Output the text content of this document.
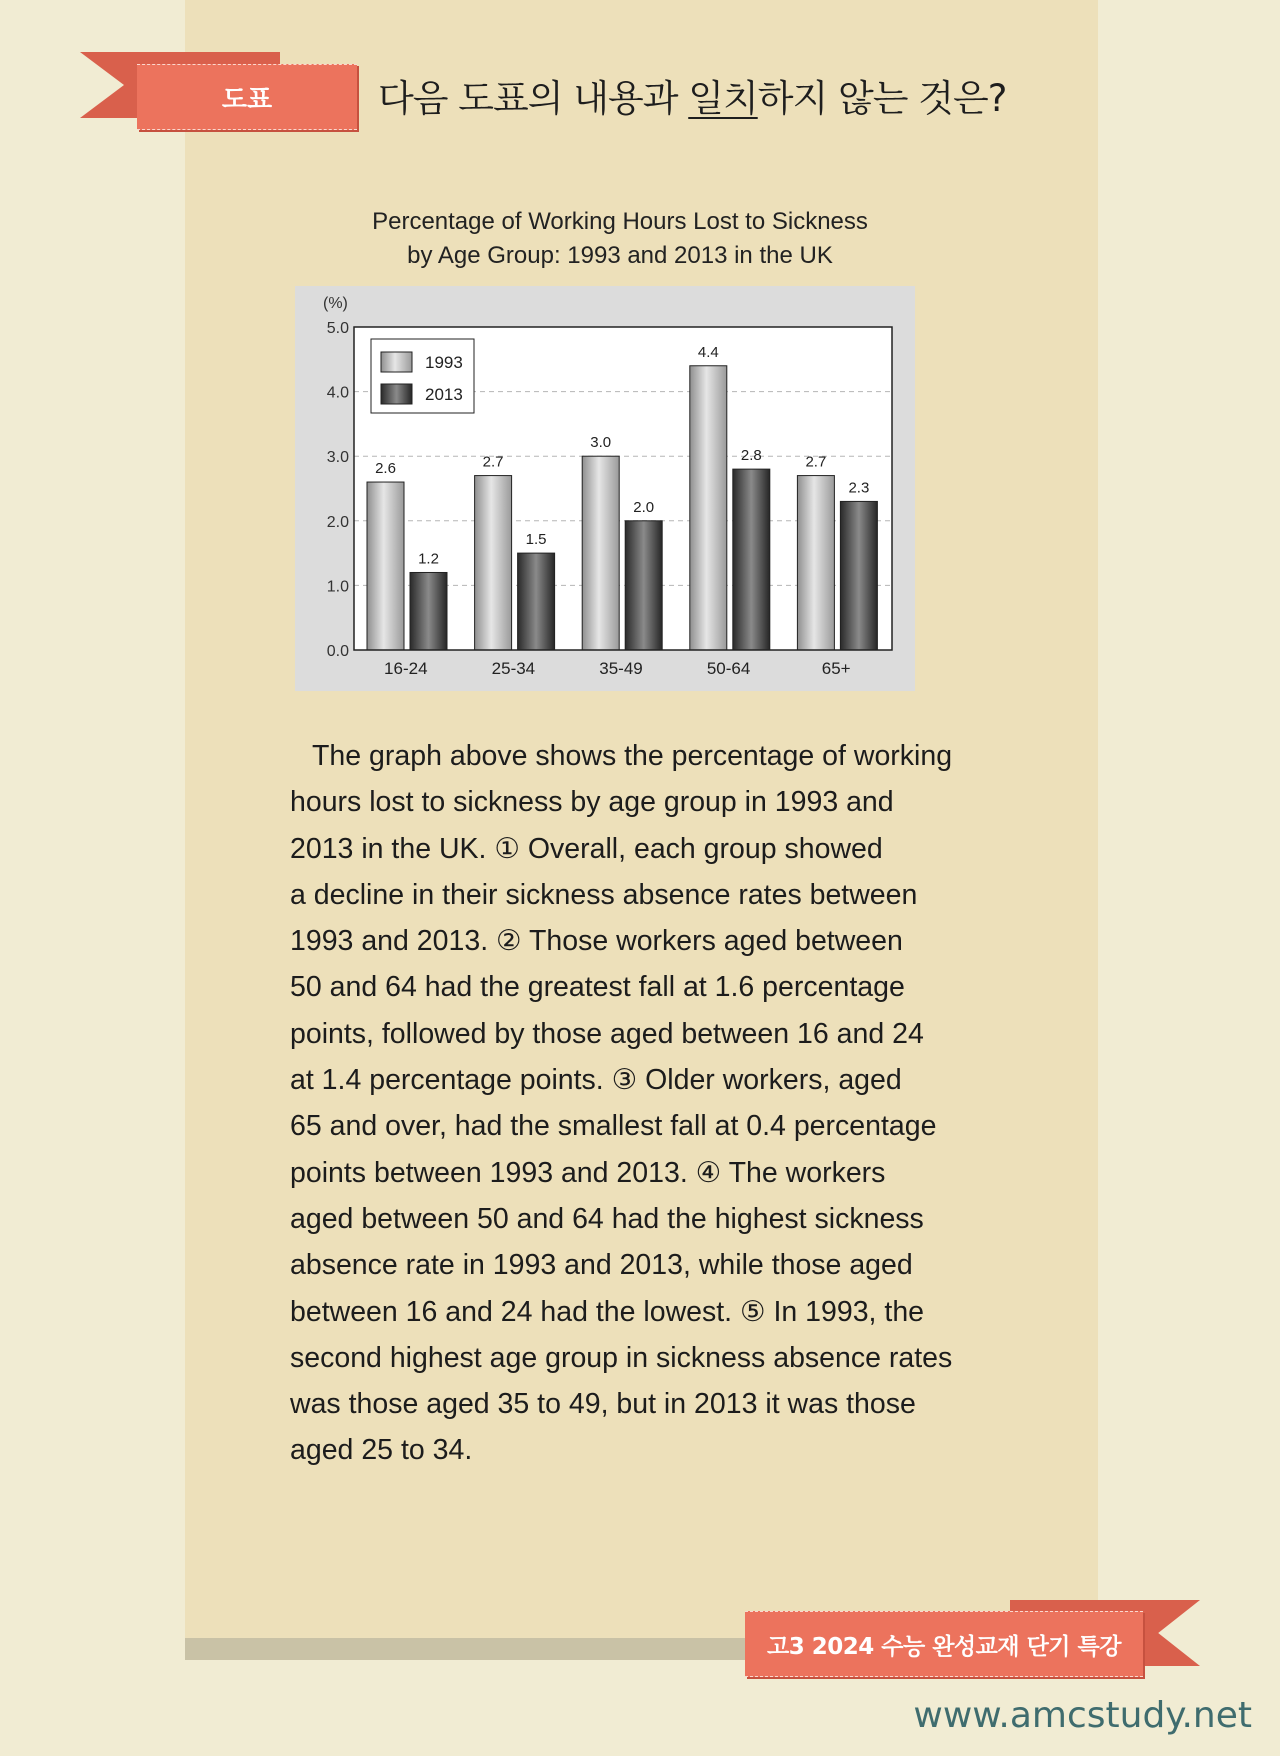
도표	다음 도표의 내용과 일치하지 않는 것은?
Percentage of Working Hours Lost to Sickness
by Age Group: 1993 and 2013 in the UK
0.0
1.0
2.0
3.0
4.0
5.0
(%)
2.6
1.2
16-24
2.7
1.5
25-34
3.0
2.0
35-49
4.4
2.8
50-64
2.7
2.3
65+
1993
2013
The graph above shows the percentage of working
hours lost to sickness by age group in 1993 and
2013 in the UK. ① Overall, each group showed
a decline in their sickness absence rates between
1993 and 2013. ② Those workers aged between
50 and 64 had the greatest fall at 1.6 percentage
points, followed by those aged between 16 and 24
at 1.4 percentage points. ③ Older workers, aged
65 and over, had the smallest fall at 0.4 percentage
points between 1993 and 2013. ④ The workers
aged between 50 and 64 had the highest sickness
absence rate in 1993 and 2013, while those aged
between 16 and 24 had the lowest. ⑤ In 1993, the
second highest age group in sickness absence rates
was those aged 35 to 49, but in 2013 it was those
aged 25 to 34.
고3 2024 수능 완성교재 단기 특강
www.amcstudy.net
